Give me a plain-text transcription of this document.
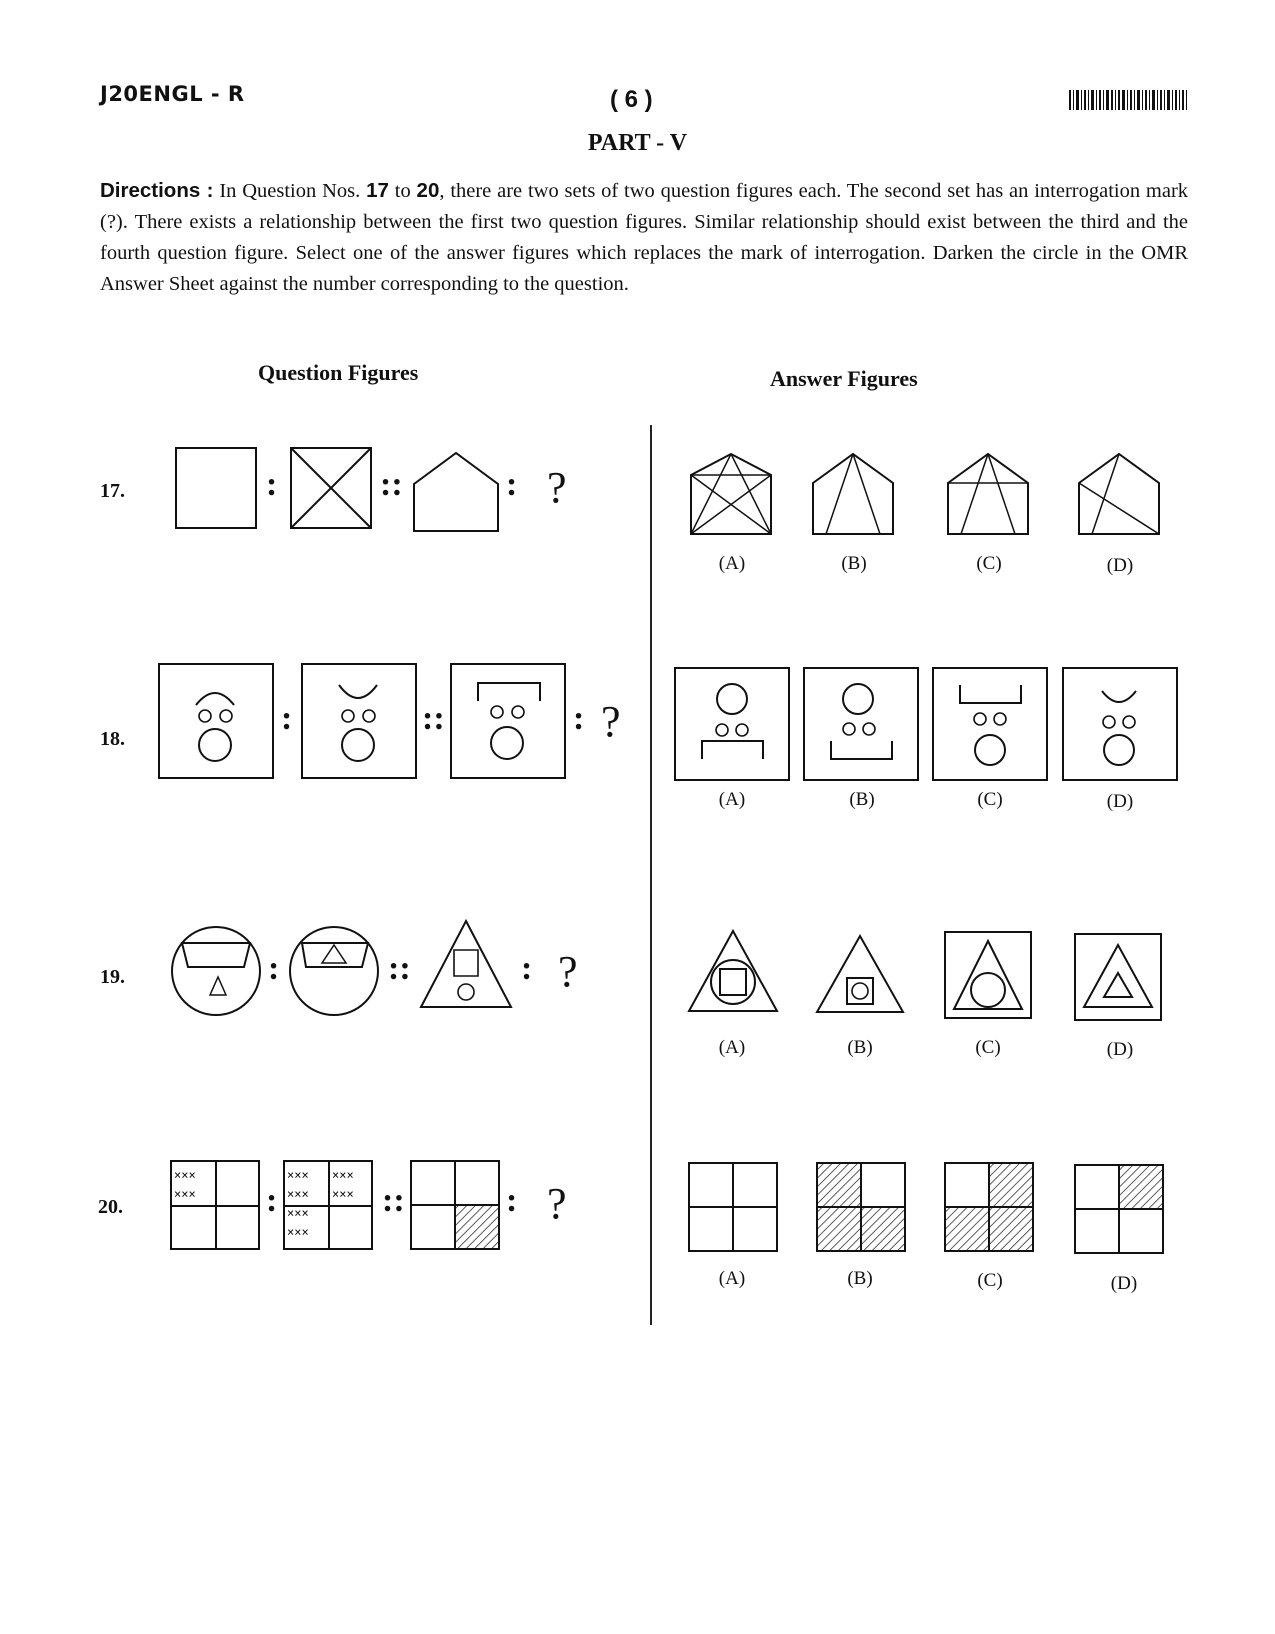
J20ENGL - R	( 6 )
PART - V
Directions : In Question Nos. 17 to 20, there are two sets of two question figures each. The second set has an interrogation mark (?). There exists a relationship between the first two question figures. Similar relationship should exist between the third and the fourth question figure. Select one of the answer figures which replaces the mark of interrogation. Darken the circle in the OMR Answer Sheet against the number corresponding to the question.
Question Figures	Answer Figures
17.	:	::	: ?
(A)	(B)	(C)	(D)
18.
:	::	: ?
(A)	(B)	(C)	(D)
19.	:	::	: ?
(A)	(B)	(C)	(D)
20.
×××
××× :
×××
×××
×××
×××
×××
××× ::	: ?
(A)	(B)	(C)	(D)
